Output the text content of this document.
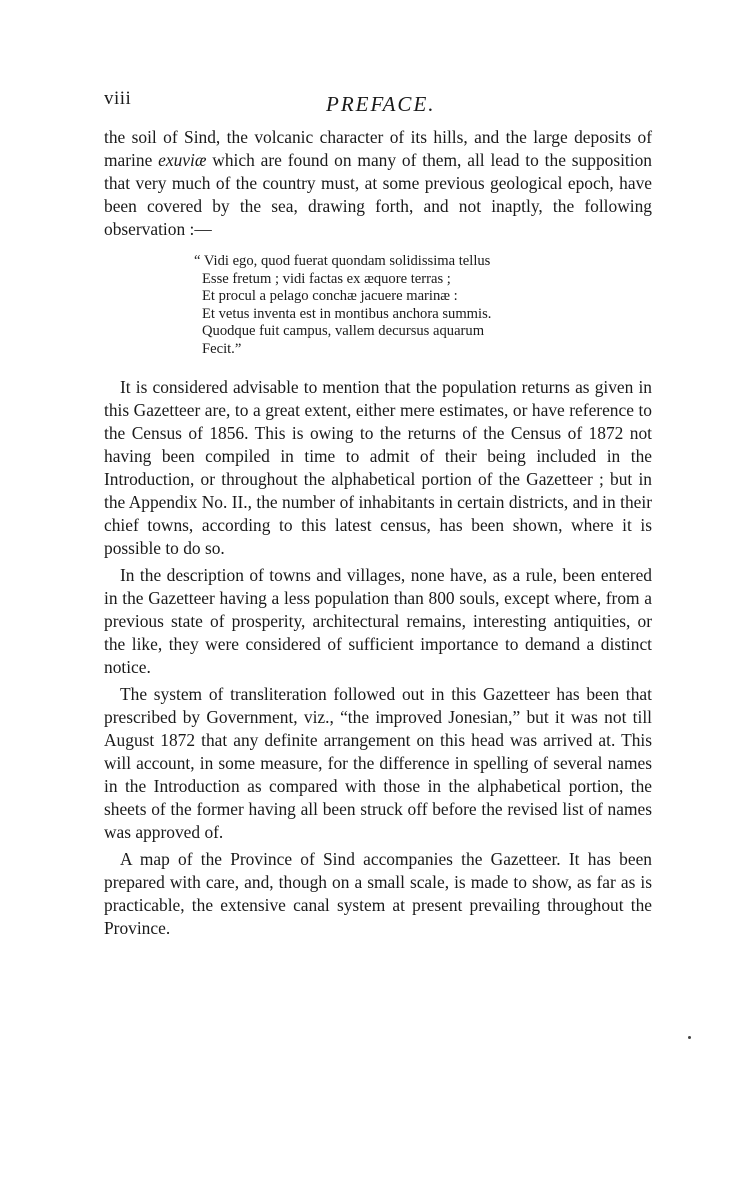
viii	PREFACE.

the soil of Sind, the volcanic character of its hills, and the large deposits of marine exuviæ which are found on many of them, all lead to the supposition that very much of the country must, at some previous geological epoch, have been covered by the sea, drawing forth, and not inaptly, the following observation :—

“ Vidi ego, quod fuerat quondam solidissima tellus
Esse fretum ; vidi factas ex æquore terras ;
Et procul a pelago conchæ jacuere marinæ :
Et vetus inventa est in montibus anchora summis.
Quodque fuit campus, vallem decursus aquarum
Fecit.”

It is considered advisable to mention that the population returns as given in this Gazetteer are, to a great extent, either mere estimates, or have reference to the Census of 1856. This is owing to the returns of the Census of 1872 not having been compiled in time to admit of their being included in the Introduction, or throughout the alphabetical portion of the Gazetteer ; but in the Appendix No. II., the number of inhabitants in certain districts, and in their chief towns, according to this latest census, has been shown, where it is possible to do so.

In the description of towns and villages, none have, as a rule, been entered in the Gazetteer having a less population than 800 souls, except where, from a previous state of prosperity, architectural remains, interesting antiquities, or the like, they were considered of sufficient importance to demand a distinct notice.

The system of transliteration followed out in this Gazetteer has been that prescribed by Government, viz., “the improved Jonesian,” but it was not till August 1872 that any definite arrangement on this head was arrived at. This will account, in some measure, for the difference in spelling of several names in the Introduction as compared with those in the alphabetical portion, the sheets of the former having all been struck off before the revised list of names was approved of.

A map of the Province of Sind accompanies the Gazetteer. It has been prepared with care, and, though on a small scale, is made to show, as far as is practicable, the extensive canal system at present prevailing throughout the Province.
